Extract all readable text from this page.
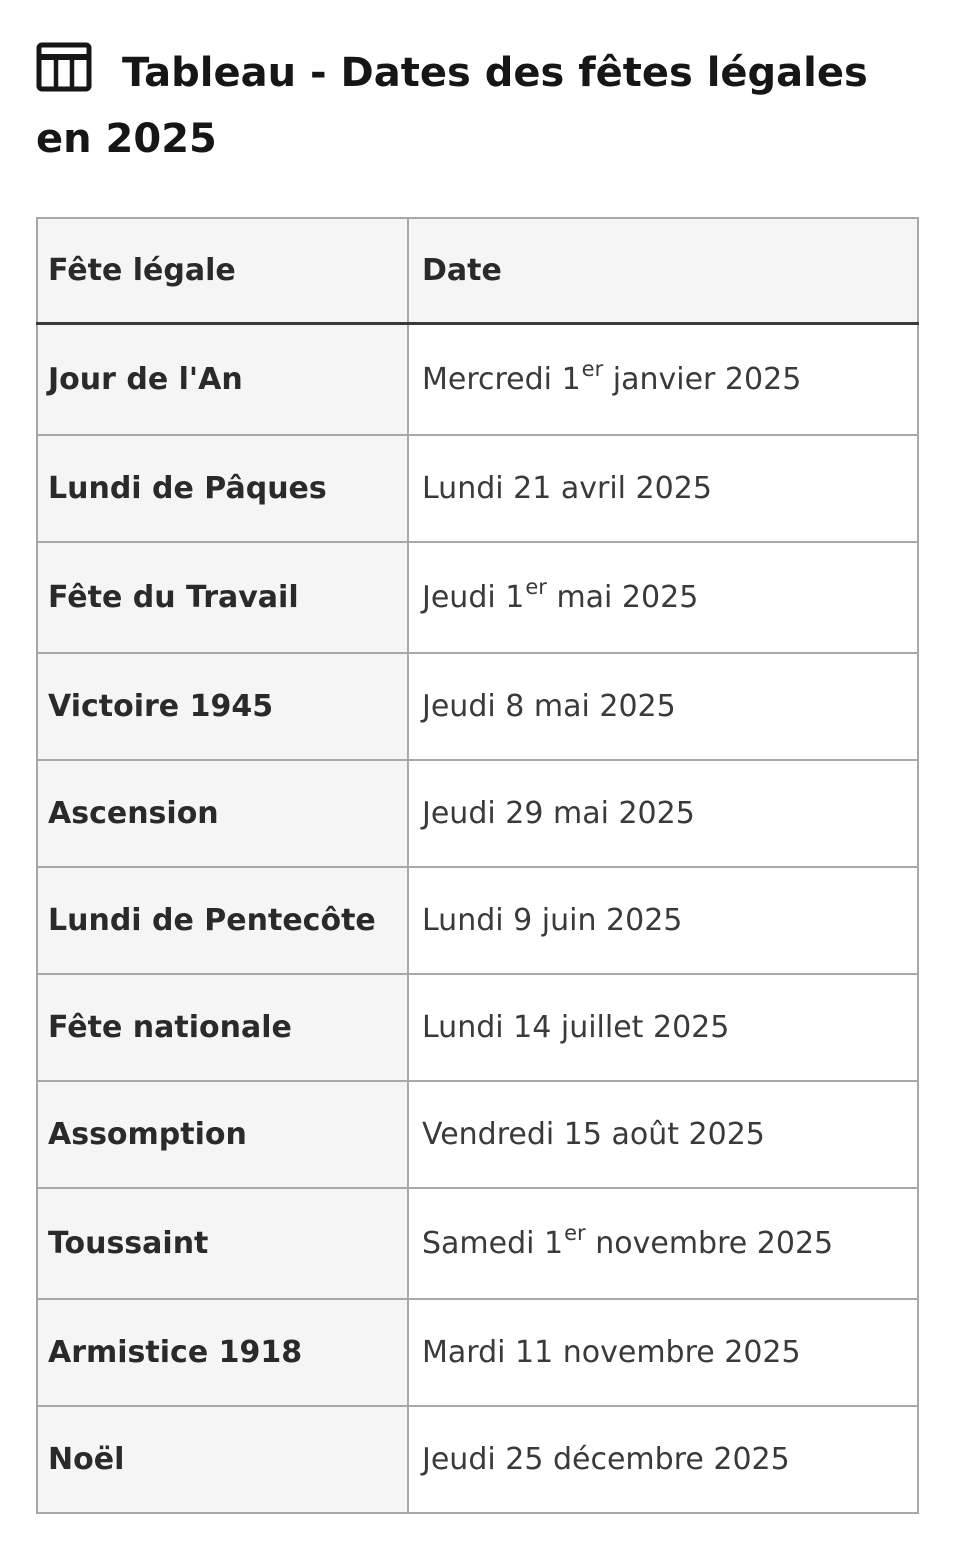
Tableau - Dates des fêtes légales en 2025
Fête légale	Date
Jour de l'An	Mercredi 1er janvier 2025
Lundi de Pâques	Lundi 21 avril 2025
Fête du Travail	Jeudi 1er mai 2025
Victoire 1945	Jeudi 8 mai 2025
Ascension	Jeudi 29 mai 2025
Lundi de Pentecôte	Lundi 9 juin 2025
Fête nationale	Lundi 14 juillet 2025
Assomption	Vendredi 15 août 2025
Toussaint	Samedi 1er novembre 2025
Armistice 1918	Mardi 11 novembre 2025
Noël	Jeudi 25 décembre 2025
